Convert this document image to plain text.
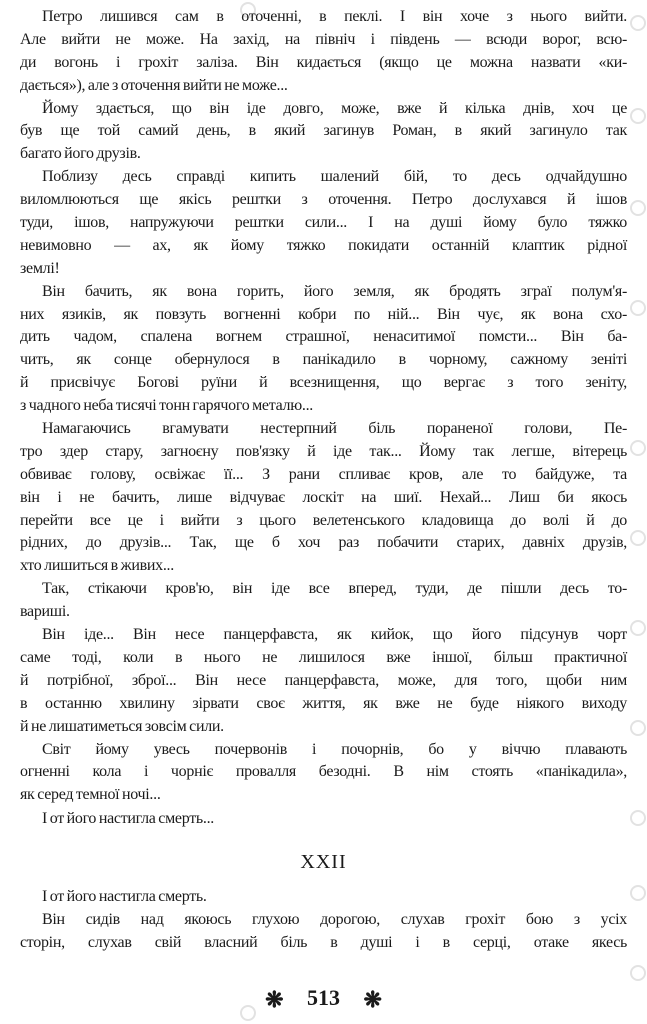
Петро лишився сам в оточенні, в пеклі. І він хоче з нього вийти.
Але вийти не може. На захід, на північ і південь — всюди ворог, всю-
ди вогонь і грохіт заліза. Він кидається (якщо це можна назвати «ки-
дається»), але з оточення вийти не може...
Йому здається, що він іде довго, може, вже й кілька днів, хоч це
був ще той самий день, в який загинув Роман, в який загинуло так
багато його друзів.
Поблизу десь справді кипить шалений бій, то десь одчайдушно
виломлюються ще якісь рештки з оточення. Петро дослухався й ішов
туди, ішов, напружуючи рештки сили... І на душі йому було тяжко
невимовно — ах, як йому тяжко покидати останній клаптик рідної
землі!
Він бачить, як вона горить, його земля, як бродять зграї полум'я-
них язиків, як повзуть вогненні кобри по ній... Він чує, як вона схо-
дить чадом, спалена вогнем страшної, ненаситимої помсти... Він ба-
чить, як сонце обернулося в панікадило в чорному, сажному зеніті
й присвічує Богові руїни й всезнищення, що вергає з того зеніту,
з чадного неба тисячі тонн гарячого металю...
Намагаючись вгамувати нестерпний біль пораненої голови, Пе-
тро здер стару, загноєну пов'язку й іде так... Йому так легше, вітерець
обвиває голову, освіжає її... З рани спливає кров, але то байдуже, та
він і не бачить, лише відчуває лоскіт на шиї. Нехай... Лиш би якось
перейти все це і вийти з цього велетенського кладовища до волі й до
рідних, до друзів... Так, ще б хоч раз побачити старих, давніх друзів,
хто лишиться в живих...
Так, стікаючи кров'ю, він іде все вперед, туди, де пішли десь то-
вариші.
Він іде... Він несе панцерфавста, як кийок, що його підсунув чорт
саме тоді, коли в нього не лишилося вже іншої, більш практичної
й потрібної, зброї... Він несе панцерфавста, може, для того, щоби ним
в останню хвилину зірвати своє життя, як вже не буде ніякого виходу
й не лишатиметься зовсім сили.
Світ йому увесь почервонів і почорнів, бо у віччю плавають
огненні кола і чорніє провалля безодні. В нім стоять «панікадила»,
як серед темної ночі...
І от його настигла смерть...
XXII
І от його настигла смерть.
Він сидів над якоюсь глухою дорогою, слухав грохіт бою з усіх
сторін, слухав свій власний біль в душі і в серці, отаке якесь
❋ 513 ❋
